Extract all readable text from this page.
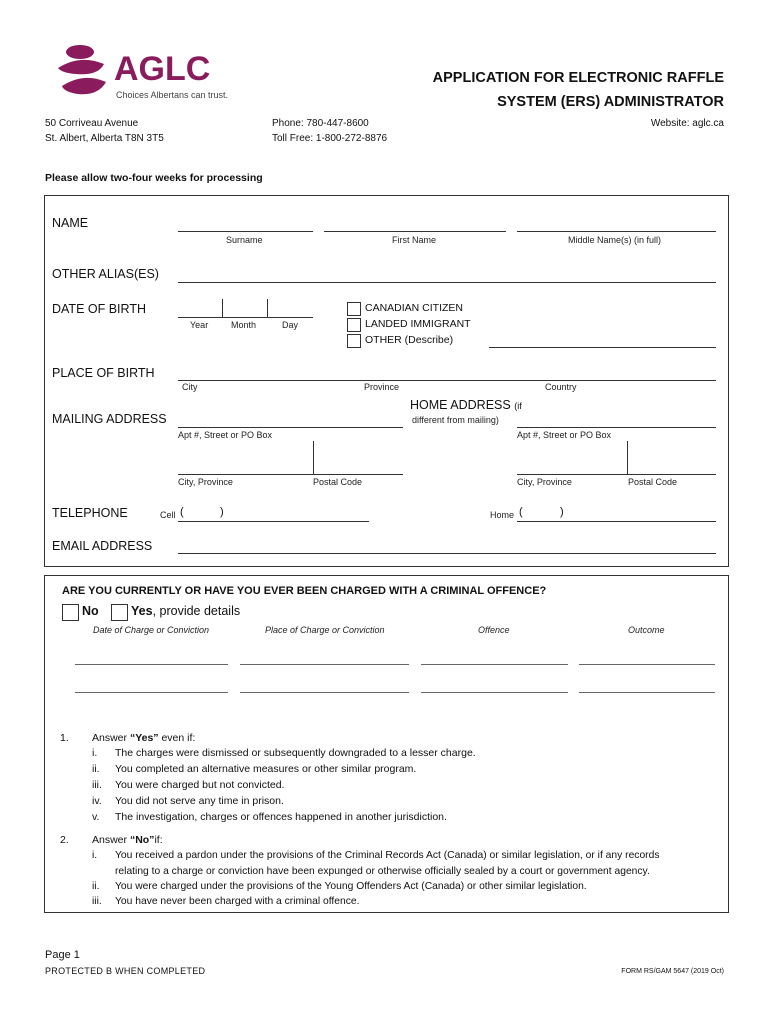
AGLC
Choices Albertans can trust.
APPLICATION FOR ELECTRONIC RAFFLE
SYSTEM (ERS) ADMINISTRATOR
50 Corriveau Avenue
St. Albert, Alberta T8N 3T5
Phone: 780-447-8600
Toll Free: 1-800-272-8876
Website: aglc.ca
Please allow two-four weeks for processing
NAME
Surname	First Name	Middle Name(s) (in full)
OTHER ALIAS(ES)
DATE OF BIRTH
Year	Month	Day
CANADIAN CITIZEN
LANDED IMMIGRANT
OTHER (Describe)
PLACE OF BIRTH
City	Province	Country
MAILING ADDRESS
Apt #, Street or PO Box
City, Province	Postal Code
HOME ADDRESS (if
different from mailing)
Apt #, Street or PO Box
City, Province	Postal Code
TELEPHONE	Cell (	)	Home (	)
EMAIL ADDRESS
ARE YOU CURRENTLY OR HAVE YOU EVER BEEN CHARGED WITH A CRIMINAL OFFENCE?
No	Yes, provide details
Date of Charge or Conviction	Place of Charge or Conviction	Offence	Outcome
1. Answer “Yes” even if:
i. The charges were dismissed or subsequently downgraded to a lesser charge.
ii. You completed an alternative measures or other similar program.
iii. You were charged but not convicted.
iv. You did not serve any time in prison.
v. The investigation, charges or offences happened in another jurisdiction.
2. Answer “No”if:
i. You received a pardon under the provisions of the Criminal Records Act (Canada) or similar legislation, or if any records
relating to a charge or conviction have been expunged or otherwise officially sealed by a court or government agency.
ii. You were charged under the provisions of the Young Offenders Act (Canada) or other similar legislation.
iii. You have never been charged with a criminal offence.
Page 1
PROTECTED B WHEN COMPLETED	FORM RS/GAM 5647 (2019 Oct)
